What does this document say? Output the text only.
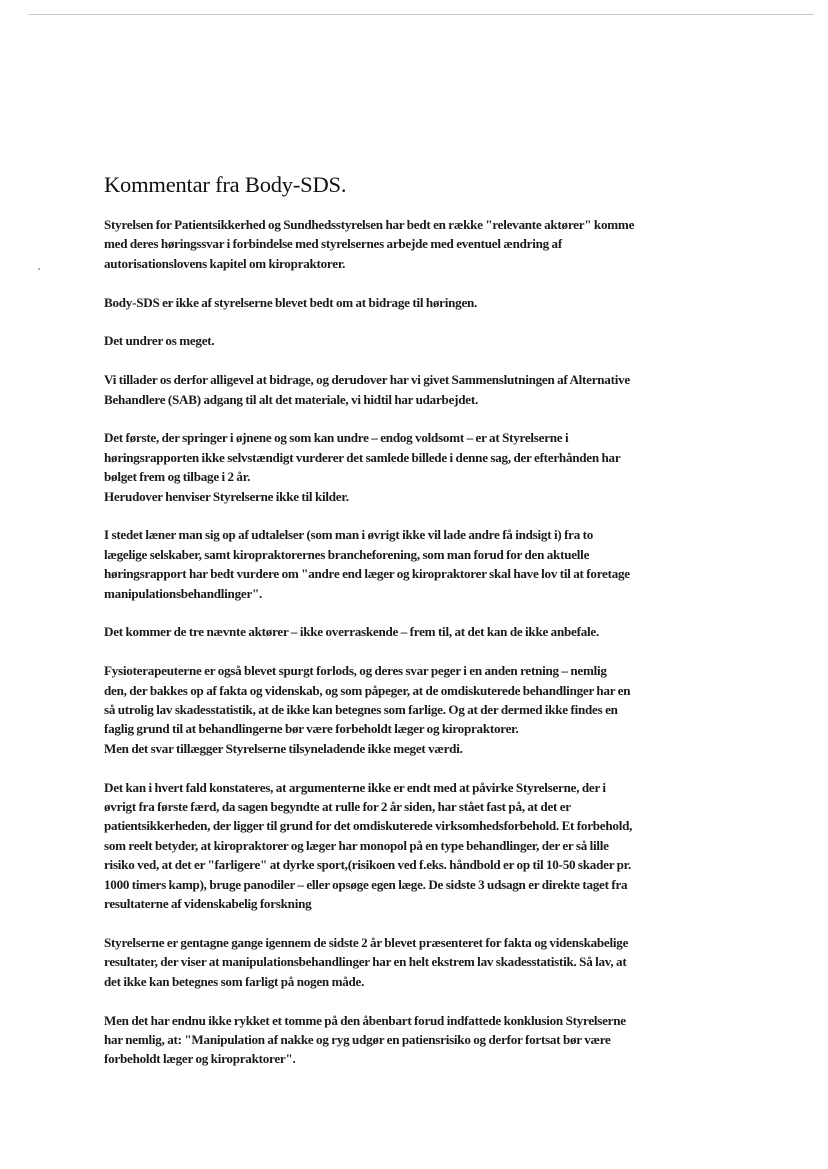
Kommentar fra Body-SDS.
Styrelsen for Patientsikkerhed og Sundhedsstyrelsen har bedt en række "relevante aktører" komme
med deres høringssvar i forbindelse med styrelsernes arbejde med eventuel ændring af
autorisationslovens kapitel om kiropraktorer.
Body-SDS er ikke af styrelserne blevet bedt om at bidrage til høringen.
Det undrer os meget.
Vi tillader os derfor alligevel at bidrage, og derudover har vi givet Sammenslutningen af Alternative
Behandlere (SAB) adgang til alt det materiale, vi hidtil har udarbejdet.
Det første, der springer i øjnene og som kan undre – endog voldsomt – er at Styrelserne i
høringsrapporten ikke selvstændigt vurderer det samlede billede i denne sag, der efterhånden har
bølget frem og tilbage i 2 år.
Herudover henviser Styrelserne ikke til kilder.
I stedet læner man sig op af udtalelser (som man i øvrigt ikke vil lade andre få indsigt i) fra to
lægelige selskaber, samt kiropraktorernes brancheforening, som man forud for den aktuelle
høringsrapport har bedt vurdere om "andre end læger og kiropraktorer skal have lov til at foretage
manipulationsbehandlinger".
Det kommer de tre nævnte aktører – ikke overraskende – frem til, at det kan de ikke anbefale.
Fysioterapeuterne er også blevet spurgt forlods, og deres svar peger i en anden retning – nemlig
den, der bakkes op af fakta og videnskab, og som påpeger, at de omdiskuterede behandlinger har en
så utrolig lav skadesstatistik, at de ikke kan betegnes som farlige. Og at der dermed ikke findes en
faglig grund til at behandlingerne bør være forbeholdt læger og kiropraktorer.
Men det svar tillægger Styrelserne tilsyneladende ikke meget værdi.
Det kan i hvert fald konstateres, at argumenterne ikke er endt med at påvirke Styrelserne, der i
øvrigt fra første færd, da sagen begyndte at rulle for 2 år siden, har stået fast på, at det er
patientsikkerheden, der ligger til grund for det omdiskuterede virksomhedsforbehold. Et forbehold,
som reelt betyder, at kiropraktorer og læger har monopol på en type behandlinger, der er så lille
risiko ved, at det er "farligere" at dyrke sport,(risikoen ved f.eks. håndbold er op til 10-50 skader pr.
1000 timers kamp), bruge panodiler – eller opsøge egen læge. De sidste 3 udsagn er direkte taget fra
resultaterne af videnskabelig forskning
Styrelserne er gentagne gange igennem de sidste 2 år blevet præsenteret for fakta og videnskabelige
resultater, der viser at manipulationsbehandlinger har en helt ekstrem lav skadesstatistik. Så lav, at
det ikke kan betegnes som farligt på nogen måde.
Men det har endnu ikke rykket et tomme på den åbenbart forud indfattede konklusion Styrelserne
har nemlig, at: "Manipulation af nakke og ryg udgør en patiensrisiko og derfor fortsat bør være
forbeholdt læger og kiropraktorer".
